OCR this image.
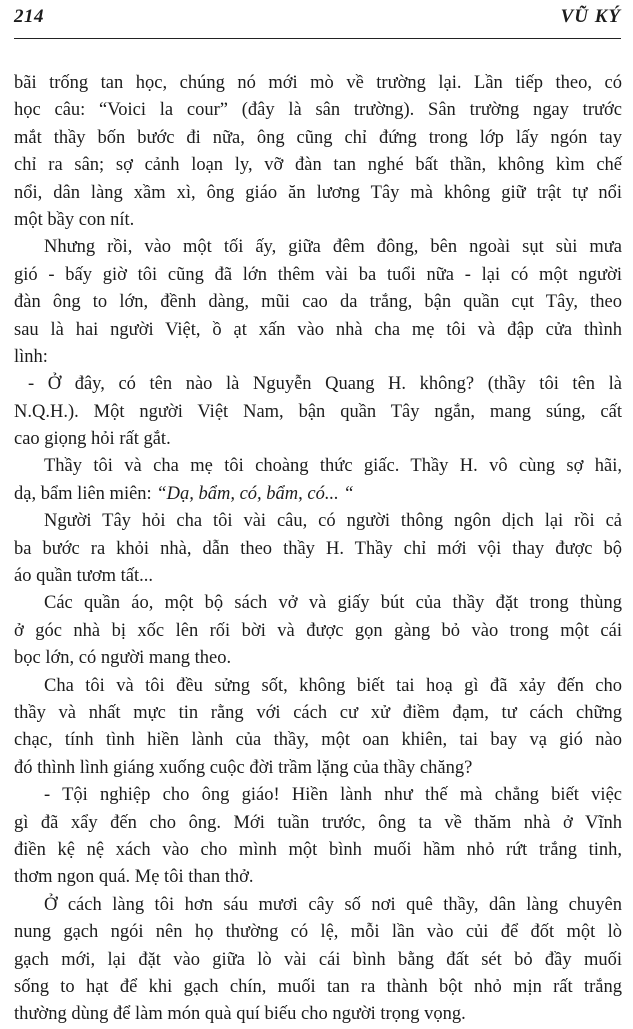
214	VŨ KÝ
bãi trống tan học, chúng nó mới mò về trường lại. Lần tiếp theo, có
học câu: “Voici la cour” (đây là sân trường). Sân trường ngay trước
mắt thầy bốn bước đi nữa, ông cũng chỉ đứng trong lớp lấy ngón tay
chỉ ra sân; sợ cảnh loạn ly, vỡ đàn tan nghé bất thần, không kìm chế
nổi, dân làng xầm xì, ông giáo ăn lương Tây mà không giữ trật tự nổi
một bầy con nít.
Nhưng rồi, vào một tối ấy, giữa đêm đông, bên ngoài sụt sùi mưa
gió - bấy giờ tôi cũng đã lớn thêm vài ba tuổi nữa - lại có một người
đàn ông to lớn, đềnh dàng, mũi cao da trắng, bận quần cụt Tây, theo
sau là hai người Việt, ồ ạt xấn vào nhà cha mẹ tôi và đập cửa thình
lình:
- Ở đây, có tên nào là Nguyễn Quang H. không? (thầy tôi tên là
N.Q.H.). Một người Việt Nam, bận quần Tây ngắn, mang súng, cất
cao giọng hỏi rất gắt.
Thầy tôi và cha mẹ tôi choàng thức giấc. Thầy H. vô cùng sợ hãi,
dạ, bẩm liên miên: “Dạ, bẩm, có, bẩm, có... “
Người Tây hỏi cha tôi vài câu, có người thông ngôn dịch lại rồi cả
ba bước ra khỏi nhà, dẫn theo thầy H. Thầy chỉ mới vội thay được bộ
áo quần tươm tất...
Các quần áo, một bộ sách vở và giấy bút của thầy đặt trong thùng
ở góc nhà bị xốc lên rối bời và được gọn gàng bỏ vào trong một cái
bọc lớn, có người mang theo.
Cha tôi và tôi đều sửng sốt, không biết tai hoạ gì đã xảy đến cho
thầy và nhất mực tin rằng với cách cư xử điềm đạm, tư cách chững
chạc, tính tình hiền lành của thầy, một oan khiên, tai bay vạ gió nào
đó thình lình giáng xuống cuộc đời trầm lặng của thầy chăng?
- Tội nghiệp cho ông giáo! Hiền lành như thế mà chẳng biết việc
gì đã xẩy đến cho ông. Mới tuần trước, ông ta về thăm nhà ở Vĩnh
điền kệ nệ xách vào cho mình một bình muối hầm nhỏ rứt trắng tinh,
thơm ngon quá. Mẹ tôi than thở.
Ở cách làng tôi hơn sáu mươi cây số nơi quê thầy, dân làng chuyên
nung gạch ngói nên họ thường có lệ, mỗi lần vào củi để đốt một lò
gạch mới, lại đặt vào giữa lò vài cái bình bằng đất sét bỏ đầy muối
sống to hạt để khi gạch chín, muối tan ra thành bột nhỏ mịn rất trắng
thường dùng để làm món quà quí biếu cho người trọng vọng.
